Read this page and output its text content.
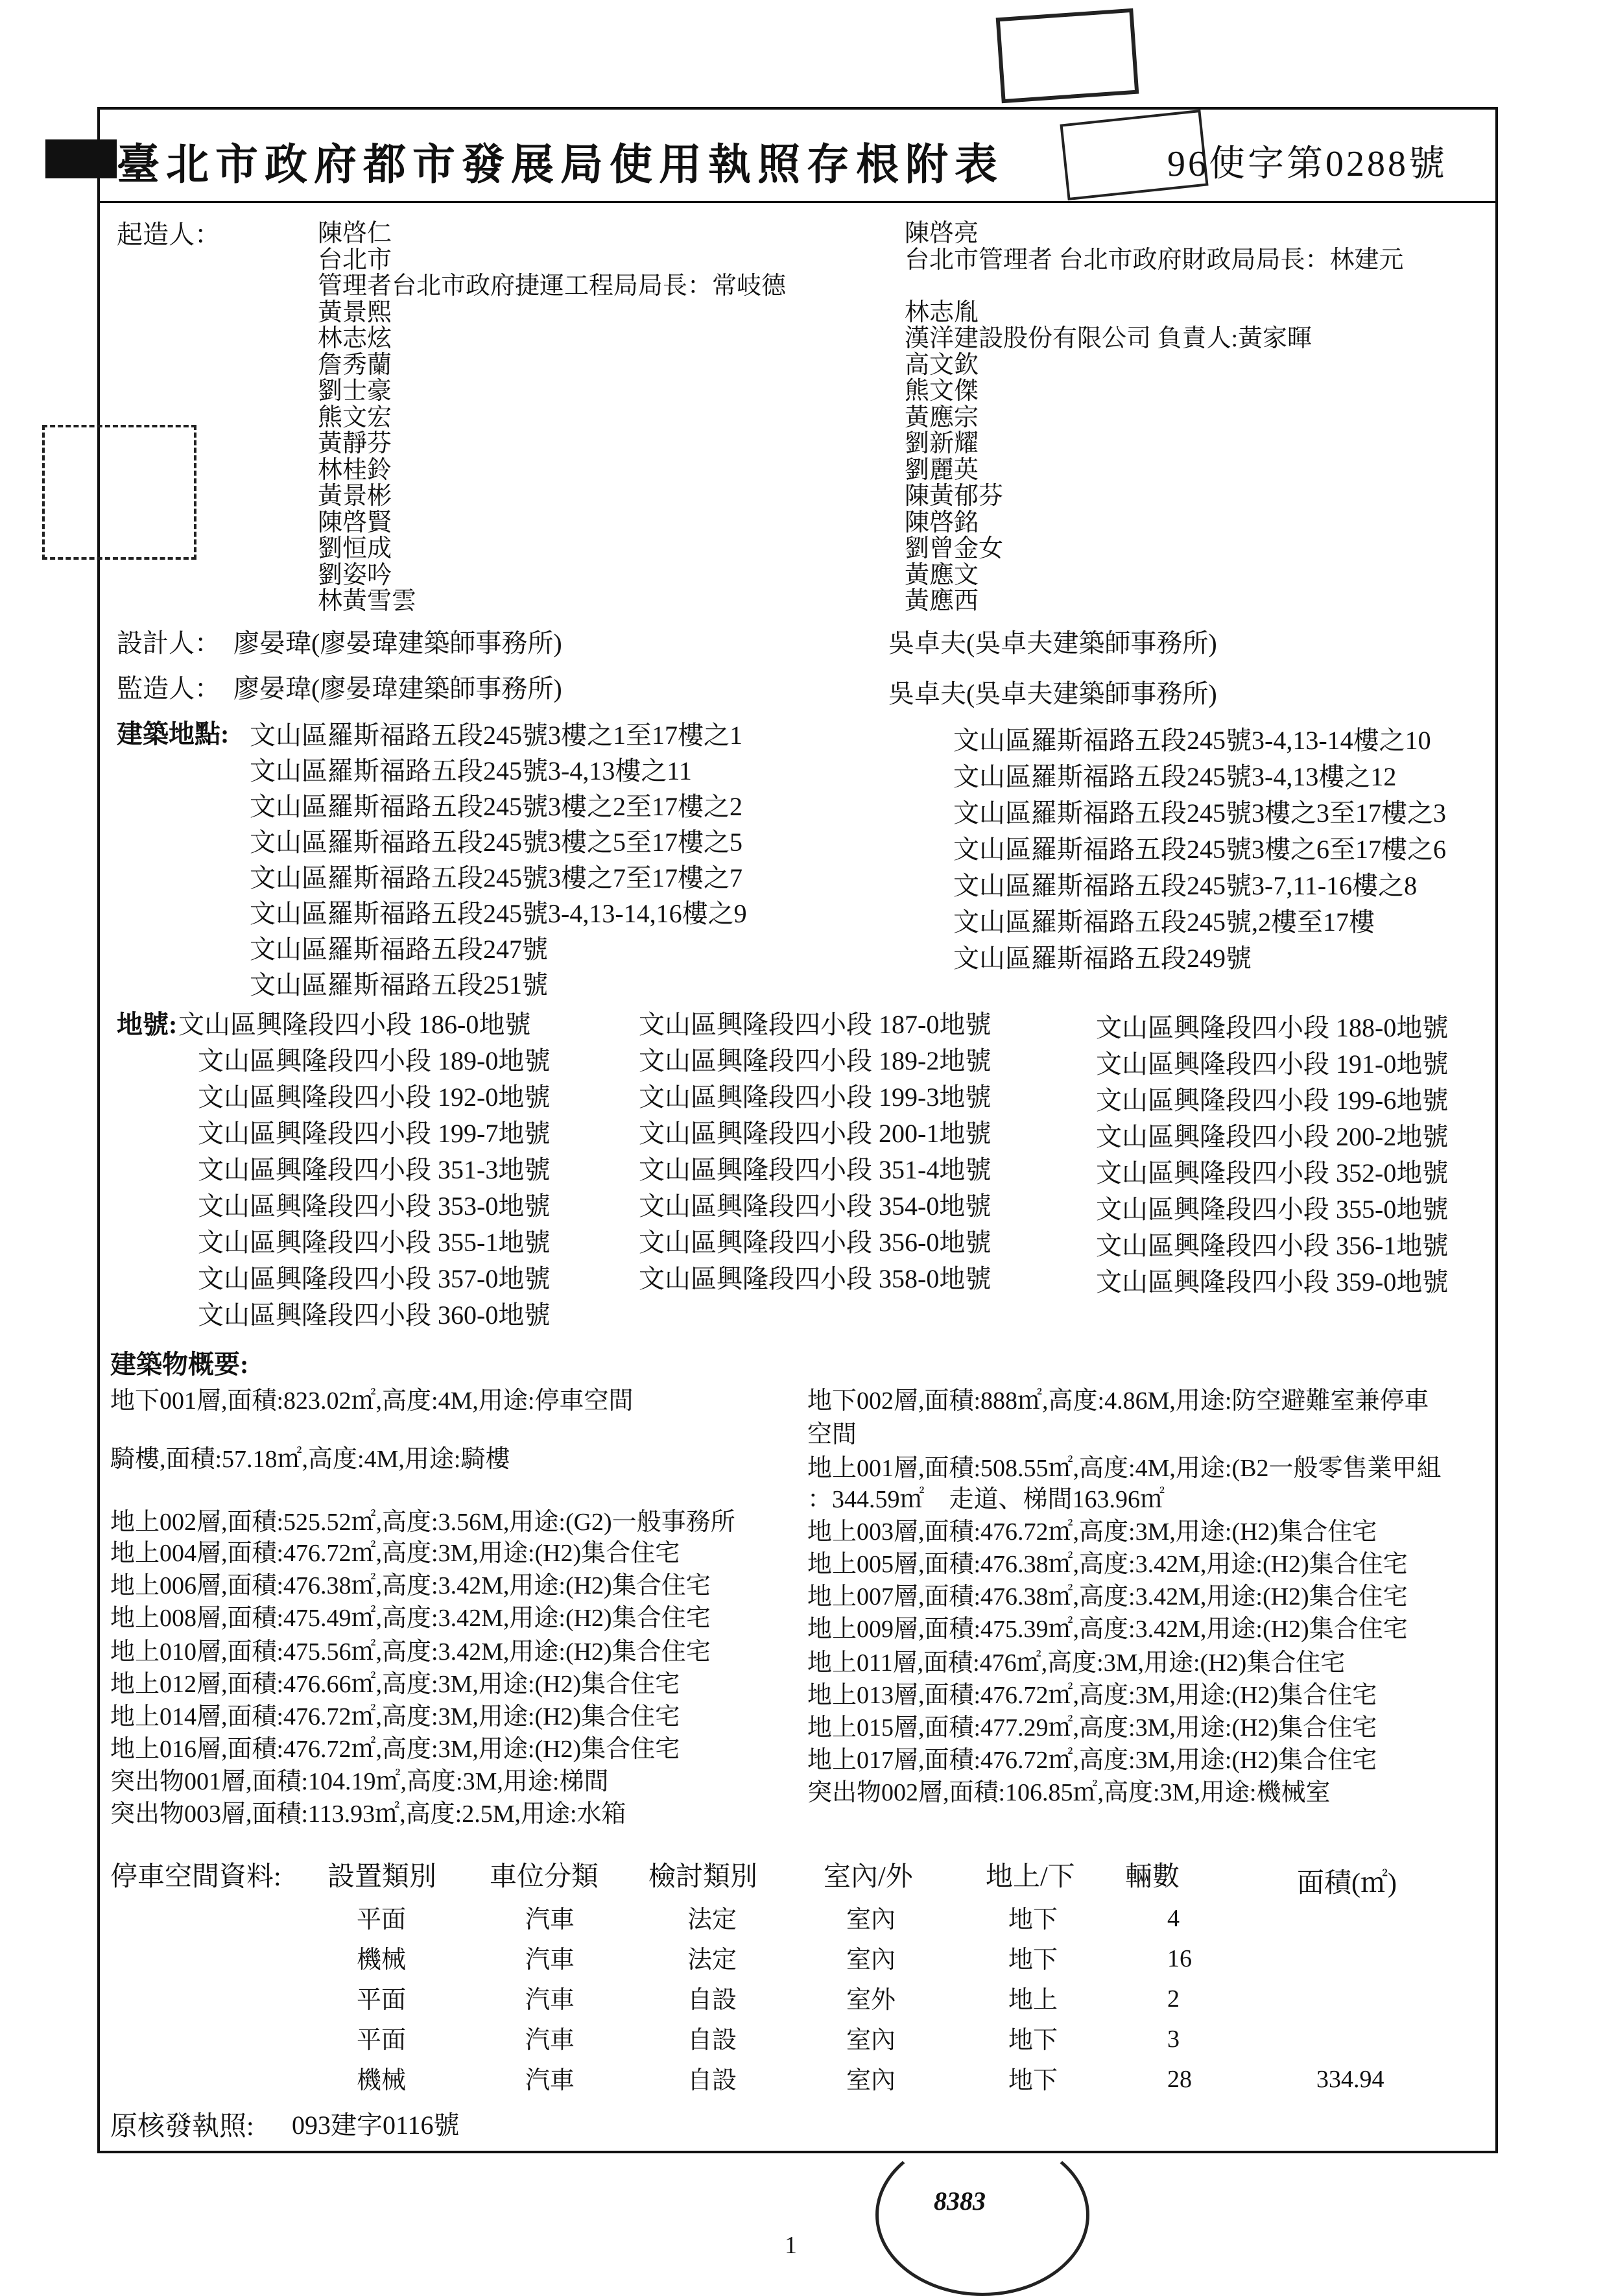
臺北市政府都市發展局使用執照存根附表	96使字第0288號
起造人：	陳啓仁
台北市
管理者台北市政府捷運工程局局長：常岐德
黃景熙
林志炫
詹秀蘭
劉士豪
熊文宏
黃靜芬
林桂鈴
黃景彬
陳啓賢
劉恒成
劉姿吟
林黃雪雲
陳啓亮
台北市管理者 台北市政府財政局局長：林建元
林志胤
漢洋建設股份有限公司 負責人:黃家暉
高文欽
熊文傑
黃應宗
劉新耀
劉麗英
陳黃郁芬
陳啓銘
劉曾金女
黃應文
黃應西
設計人： 廖晏瑋(廖晏瑋建築師事務所)	吳卓夫(吳卓夫建築師事務所)
監造人： 廖晏瑋(廖晏瑋建築師事務所)	吳卓夫(吳卓夫建築師事務所)
建築地點: 文山區羅斯福路五段245號3樓之1至17樓之1
文山區羅斯福路五段245號3-4,13樓之11
文山區羅斯福路五段245號3樓之2至17樓之2
文山區羅斯福路五段245號3樓之5至17樓之5
文山區羅斯福路五段245號3樓之7至17樓之7
文山區羅斯福路五段245號3-4,13-14,16樓之9
文山區羅斯福路五段247號
文山區羅斯福路五段251號
文山區羅斯福路五段245號3-4,13-14樓之10
文山區羅斯福路五段245號3-4,13樓之12
文山區羅斯福路五段245號3樓之3至17樓之3
文山區羅斯福路五段245號3樓之6至17樓之6
文山區羅斯福路五段245號3-7,11-16樓之8
文山區羅斯福路五段245號,2樓至17樓
文山區羅斯福路五段249號
地號: 文山區興隆段四小段 186-0地號	文山區興隆段四小段 187-0地號	文山區興隆段四小段 188-0地號
文山區興隆段四小段 189-0地號	文山區興隆段四小段 189-2地號	文山區興隆段四小段 191-0地號
文山區興隆段四小段 192-0地號	文山區興隆段四小段 199-3地號	文山區興隆段四小段 199-6地號
文山區興隆段四小段 199-7地號	文山區興隆段四小段 200-1地號	文山區興隆段四小段 200-2地號
文山區興隆段四小段 351-3地號	文山區興隆段四小段 351-4地號	文山區興隆段四小段 352-0地號
文山區興隆段四小段 353-0地號	文山區興隆段四小段 354-0地號	文山區興隆段四小段 355-0地號
文山區興隆段四小段 355-1地號	文山區興隆段四小段 356-0地號	文山區興隆段四小段 356-1地號
文山區興隆段四小段 357-0地號	文山區興隆段四小段 358-0地號	文山區興隆段四小段 359-0地號
文山區興隆段四小段 360-0地號
建築物概要:
地下001層,面積:823.02㎡,高度:4M,用途:停車空間
騎樓,面積:57.18㎡,高度:4M,用途:騎樓
地上002層,面積:525.52㎡,高度:3.56M,用途:(G2)一般事務所
地上004層,面積:476.72㎡,高度:3M,用途:(H2)集合住宅
地上006層,面積:476.38㎡,高度:3.42M,用途:(H2)集合住宅
地上008層,面積:475.49㎡,高度:3.42M,用途:(H2)集合住宅
地上010層,面積:475.56㎡,高度:3.42M,用途:(H2)集合住宅
地上012層,面積:476.66㎡,高度:3M,用途:(H2)集合住宅
地上014層,面積:476.72㎡,高度:3M,用途:(H2)集合住宅
地上016層,面積:476.72㎡,高度:3M,用途:(H2)集合住宅
突出物001層,面積:104.19㎡,高度:3M,用途:梯間
突出物003層,面積:113.93㎡,高度:2.5M,用途:水箱
地下002層,面積:888㎡,高度:4.86M,用途:防空避難室兼停車
空間
地上001層,面積:508.55㎡,高度:4M,用途:(B2一般零售業甲組
：344.59㎡　走道、梯間163.96㎡
地上003層,面積:476.72㎡,高度:3M,用途:(H2)集合住宅
地上005層,面積:476.38㎡,高度:3.42M,用途:(H2)集合住宅
地上007層,面積:476.38㎡,高度:3.42M,用途:(H2)集合住宅
地上009層,面積:475.39㎡,高度:3.42M,用途:(H2)集合住宅
地上011層,面積:476㎡,高度:3M,用途:(H2)集合住宅
地上013層,面積:476.72㎡,高度:3M,用途:(H2)集合住宅
地上015層,面積:477.29㎡,高度:3M,用途:(H2)集合住宅
地上017層,面積:476.72㎡,高度:3M,用途:(H2)集合住宅
突出物002層,面積:106.85㎡,高度:3M,用途:機械室
停車空間資料: 設置類別 車位分類 檢討類別 室內/外	地上/下 輛數	面積(㎡)
平面	汽車	法定	室內	地下	4
機械	汽車	法定	室內	地下	16
平面	汽車	自設	室外	地上	2
平面	汽車	自設	室內	地下	3
機械	汽車	自設	室內	地下	28	334.94
原核發執照: 093建字0116號
1
8383
